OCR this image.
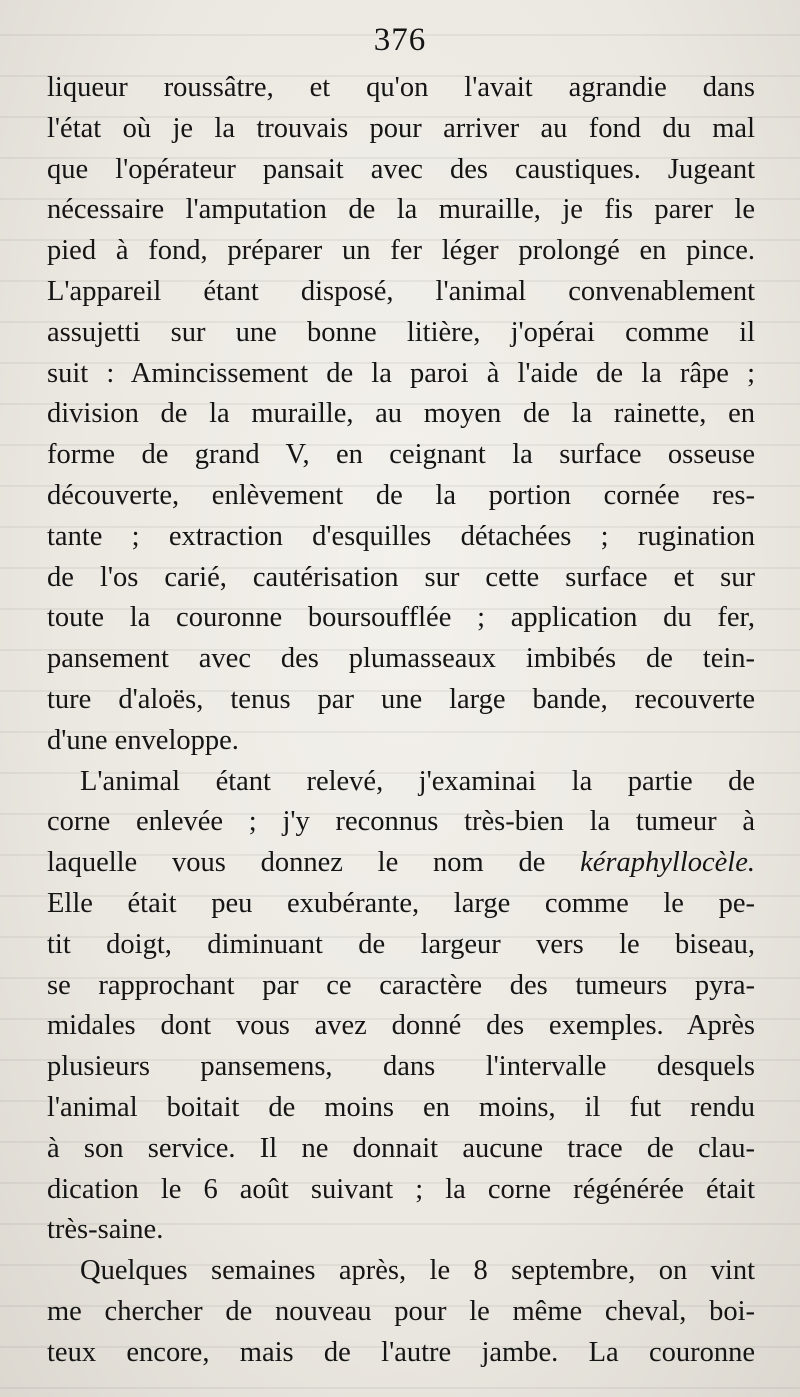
376
liqueur roussâtre, et qu'on l'avait agrandie dans
l'état où je la trouvais pour arriver au fond du mal
que l'opérateur pansait avec des caustiques. Jugeant
nécessaire l'amputation de la muraille, je fis parer le
pied à fond, préparer un fer léger prolongé en pince.
L'appareil étant disposé, l'animal convenablement
assujetti sur une bonne litière, j'opérai comme il
suit : Amincissement de la paroi à l'aide de la râpe ;
division de la muraille, au moyen de la rainette, en
forme de grand V, en ceignant la surface osseuse
découverte, enlèvement de la portion cornée res-
tante ; extraction d'esquilles détachées ; rugination
de l'os carié, cautérisation sur cette surface et sur
toute la couronne boursoufflée ; application du fer,
pansement avec des plumasseaux imbibés de tein-
ture d'aloës, tenus par une large bande, recouverte
d'une enveloppe.
L'animal étant relevé, j'examinai la partie de
corne enlevée ; j'y reconnus très-bien la tumeur à
laquelle vous donnez le nom de kéraphyllocèle.
Elle était peu exubérante, large comme le pe-
tit doigt, diminuant de largeur vers le biseau,
se rapprochant par ce caractère des tumeurs pyra-
midales dont vous avez donné des exemples. Après
plusieurs pansemens, dans l'intervalle desquels
l'animal boitait de moins en moins, il fut rendu
à son service. Il ne donnait aucune trace de clau-
dication le 6 août suivant ; la corne régénérée était
très-saine.
Quelques semaines après, le 8 septembre, on vint
me chercher de nouveau pour le même cheval, boi-
teux encore, mais de l'autre jambe. La couronne
